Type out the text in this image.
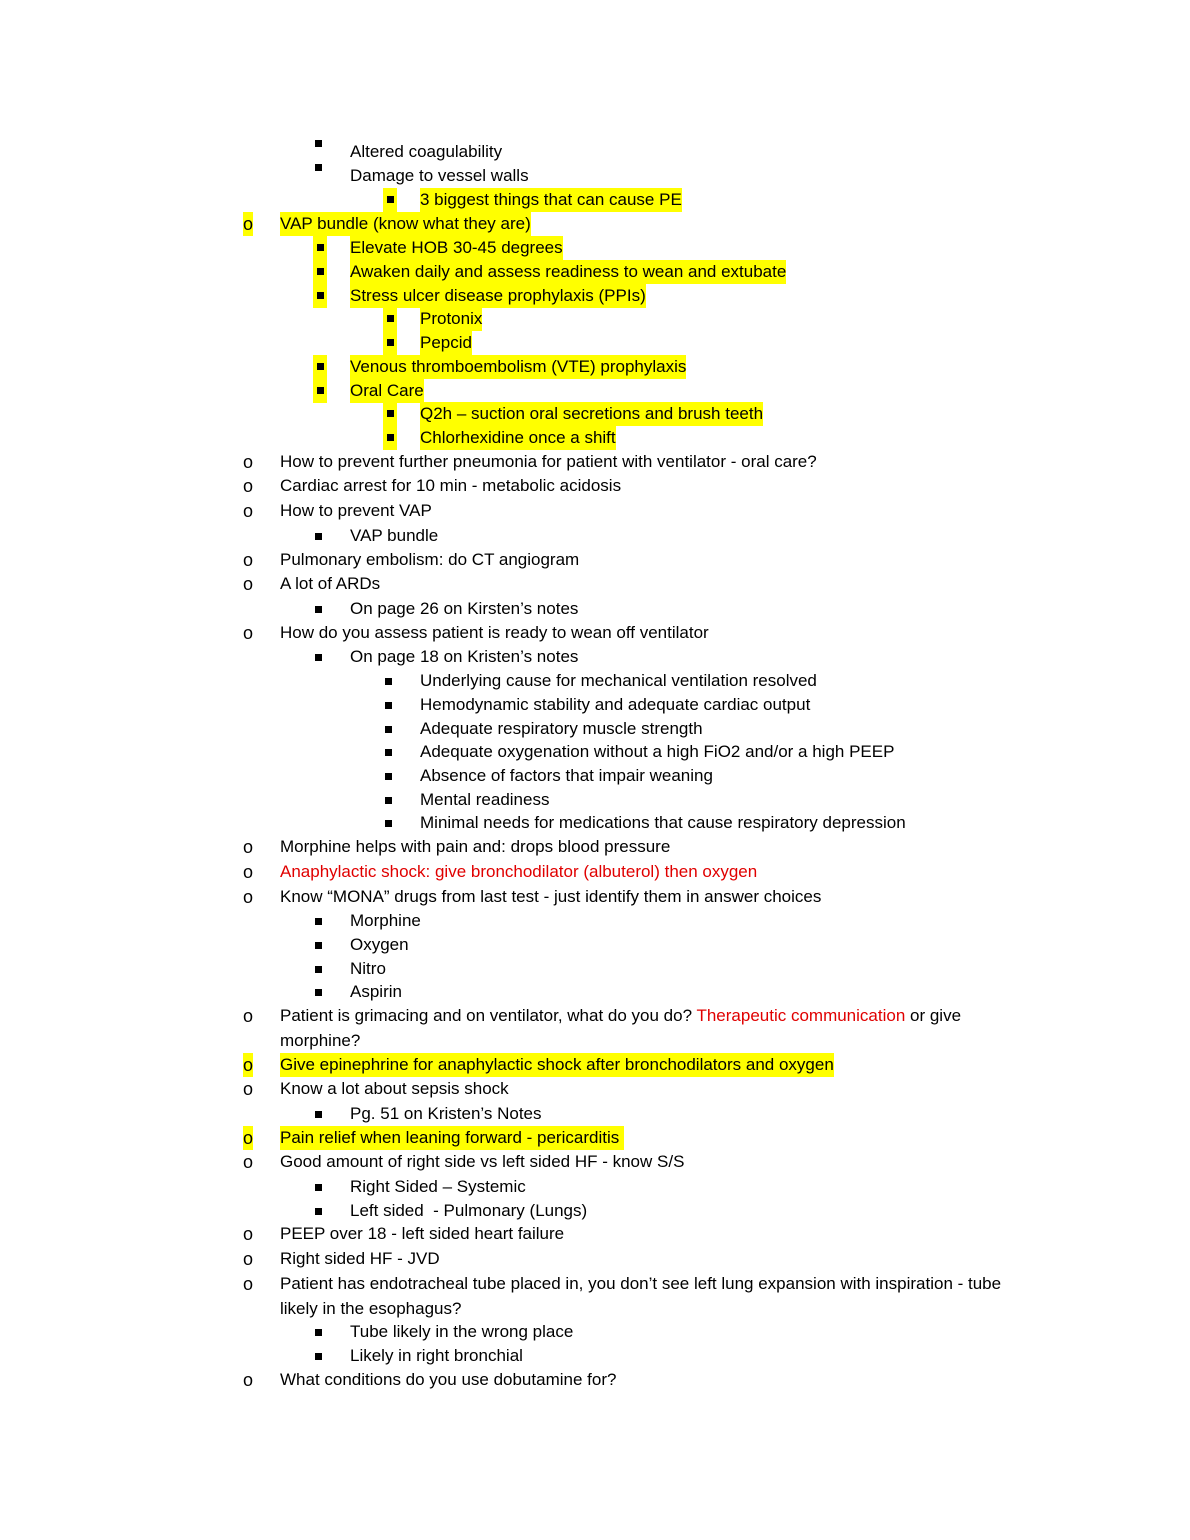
Altered coagulability
Damage to vessel walls
3 biggest things that can cause PE
o VAP bundle (know what they are)
Elevate HOB 30-45 degrees
Awaken daily and assess readiness to wean and extubate
Stress ulcer disease prophylaxis (PPIs)
Protonix
Pepcid
Venous thromboembolism (VTE) prophylaxis
Oral Care
Q2h – suction oral secretions and brush teeth
Chlorhexidine once a shift
o How to prevent further pneumonia for patient with ventilator - oral care?
o Cardiac arrest for 10 min - metabolic acidosis
o How to prevent VAP
VAP bundle
o Pulmonary embolism: do CT angiogram
o A lot of ARDs
On page 26 on Kirsten’s notes
o How do you assess patient is ready to wean off ventilator
On page 18 on Kristen’s notes
Underlying cause for mechanical ventilation resolved
Hemodynamic stability and adequate cardiac output
Adequate respiratory muscle strength
Adequate oxygenation without a high FiO2 and/or a high PEEP
Absence of factors that impair weaning
Mental readiness
Minimal needs for medications that cause respiratory depression
o Morphine helps with pain and: drops blood pressure
o Anaphylactic shock: give bronchodilator (albuterol) then oxygen
o Know “MONA” drugs from last test - just identify them in answer choices
Morphine
Oxygen
Nitro
Aspirin
o Patient is grimacing and on ventilator, what do you do? Therapeutic communication or give
morphine?
o Give epinephrine for anaphylactic shock after bronchodilators and oxygen
o Know a lot about sepsis shock
Pg. 51 on Kristen’s Notes
o Pain relief when leaning forward - pericarditis
o Good amount of right side vs left sided HF - know S/S
Right Sided – Systemic
Left sided  - Pulmonary (Lungs)
o PEEP over 18 - left sided heart failure
o Right sided HF - JVD
o Patient has endotracheal tube placed in, you don’t see left lung expansion with inspiration - tube
likely in the esophagus?
Tube likely in the wrong place
Likely in right bronchial
o What conditions do you use dobutamine for?
